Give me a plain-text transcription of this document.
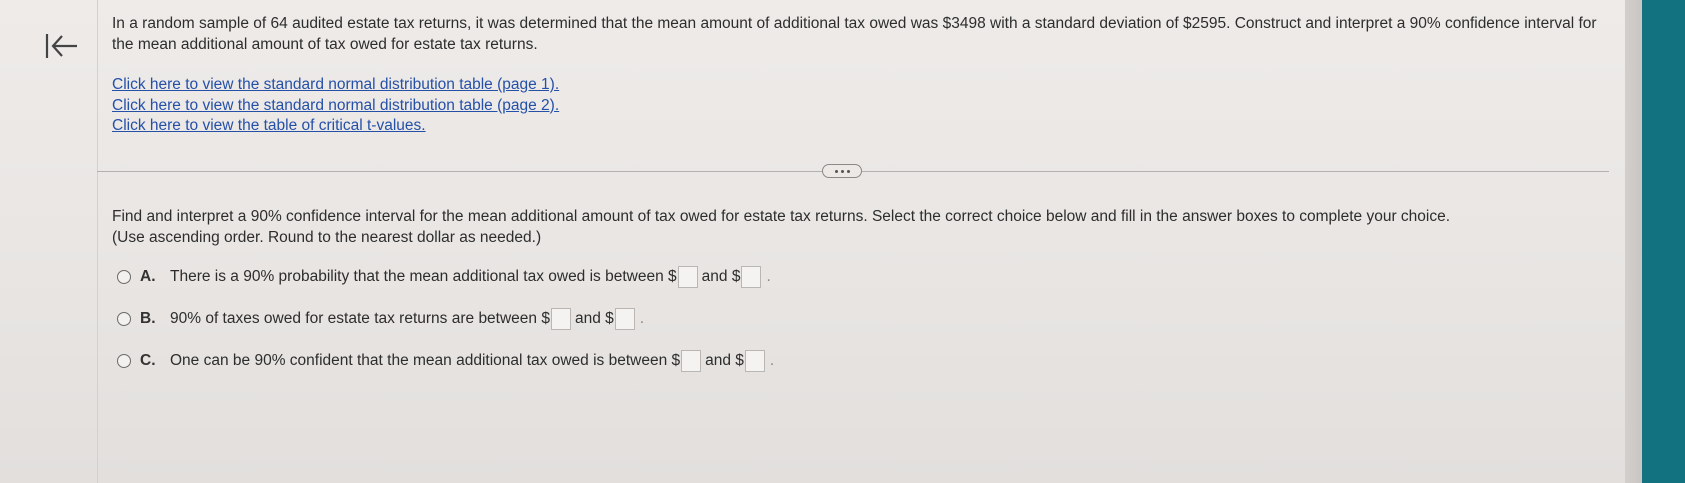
In a random sample of 64 audited estate tax returns, it was determined that the mean amount of additional tax owed was $3498 with a standard deviation of $2595. Construct and interpret a 90% confidence interval for the mean additional amount of tax owed for estate tax returns.
Click here to view the standard normal distribution table (page 1).
Click here to view the standard normal distribution table (page 2).
Click here to view the table of critical t-values.
Find and interpret a 90% confidence interval for the mean additional amount of tax owed for estate tax returns. Select the correct choice below and fill in the answer boxes to complete your choice.
(Use ascending order. Round to the nearest dollar as needed.)
A. There is a 90% probability that the mean additional tax owed is between $ and $ .
B. 90% of taxes owed for estate tax returns are between $ and $ .
C. One can be 90% confident that the mean additional tax owed is between $ and $ .
